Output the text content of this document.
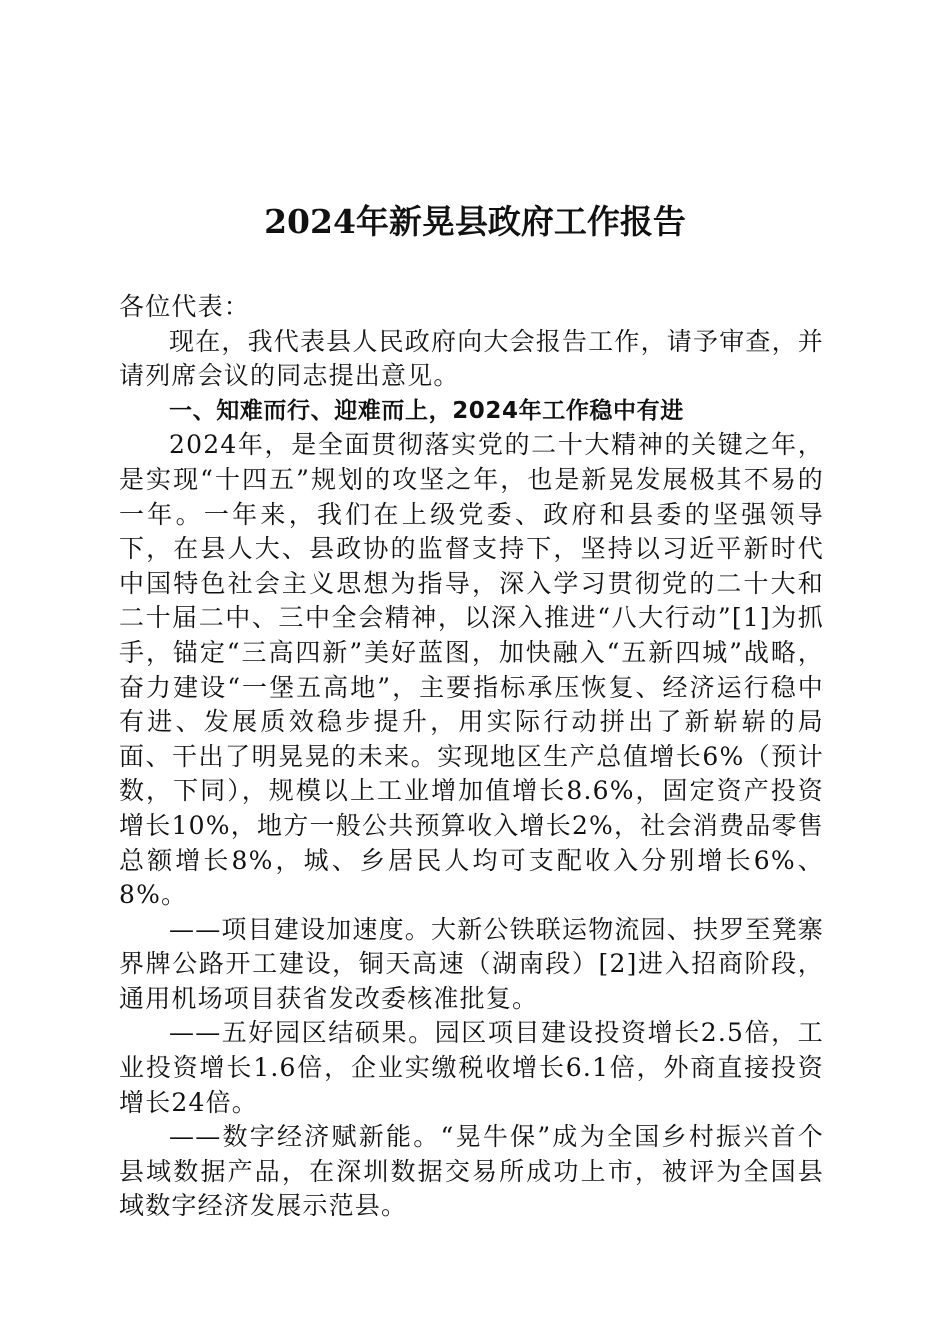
2024年新晃县政府工作报告

各位代表：

现在，我代表县人民政府向大会报告工作，请予审查，并请列席会议的同志提出意见。

一、知难而行、迎难而上，2024年工作稳中有进

2024年，是全面贯彻落实党的二十大精神的关键之年，是实现“十四五”规划的攻坚之年，也是新晃发展极其不易的一年。一年来，我们在上级党委、政府和县委的坚强领导下，在县人大、县政协的监督支持下，坚持以习近平新时代中国特色社会主义思想为指导，深入学习贯彻党的二十大和二十届二中、三中全会精神，以深入推进“八大行动”[1]为抓手，锚定“三高四新”美好蓝图，加快融入“五新四城”战略，奋力建设“一堡五高地”，主要指标承压恢复、经济运行稳中有进、发展质效稳步提升，用实际行动拼出了新崭崭的局面、干出了明晃晃的未来。实现地区生产总值增长6%（预计数，下同），规模以上工业增加值增长8.6%，固定资产投资增长10%，地方一般公共预算收入增长2%，社会消费品零售总额增长8%，城、乡居民人均可支配收入分别增长6%、8%。

——项目建设加速度。大新公铁联运物流园、扶罗至凳寨界牌公路开工建设，铜天高速（湖南段）[2]进入招商阶段，通用机场项目获省发改委核准批复。

——五好园区结硕果。园区项目建设投资增长2.5倍，工业投资增长1.6倍，企业实缴税收增长6.1倍，外商直接投资增长24倍。

——数字经济赋新能。“晃牛保”成为全国乡村振兴首个县域数据产品，在深圳数据交易所成功上市，被评为全国县域数字经济发展示范县。
